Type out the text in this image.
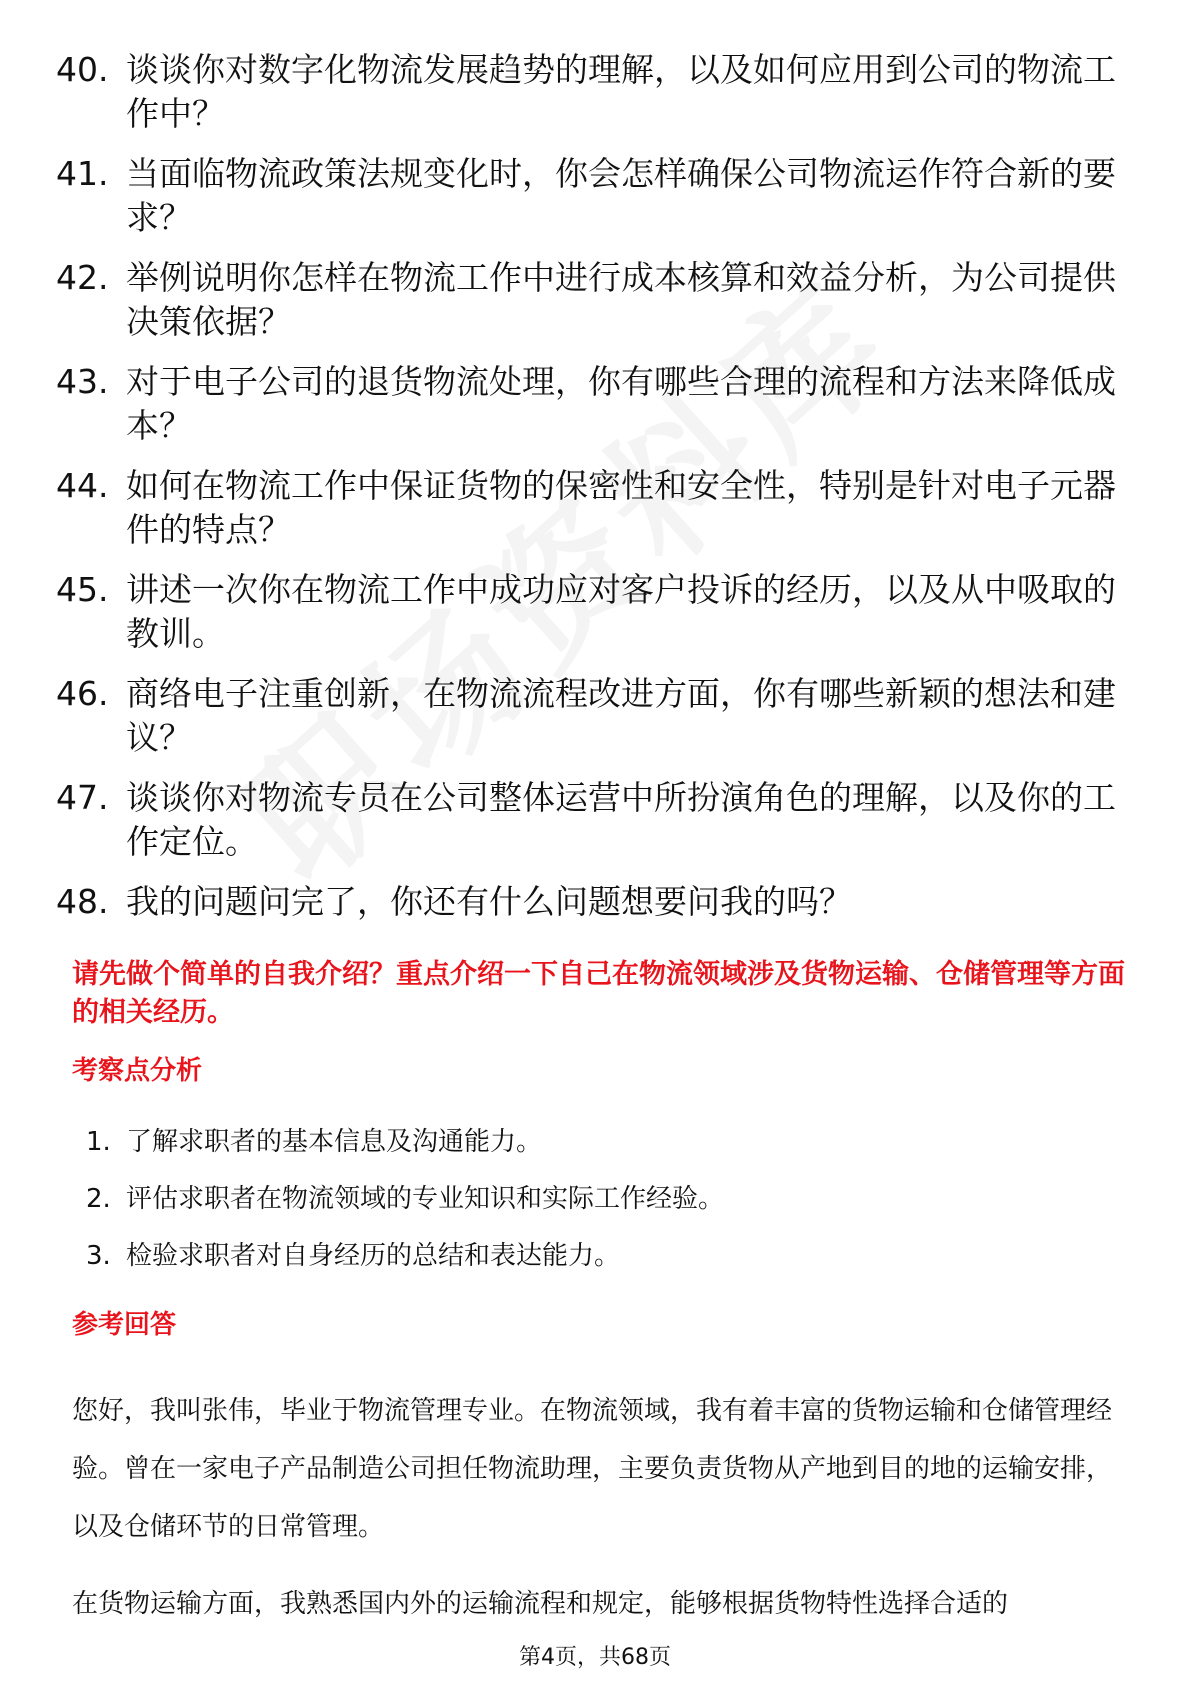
40. 谈谈你对数字化物流发展趋势的理解，以及如何应用到公司的物流工作中？
41. 当面临物流政策法规变化时，你会怎样确保公司物流运作符合新的要求？
42. 举例说明你怎样在物流工作中进行成本核算和效益分析，为公司提供决策依据？
43. 对于电子公司的退货物流处理，你有哪些合理的流程和方法来降低成本？
44. 如何在物流工作中保证货物的保密性和安全性，特别是针对电子元器件的特点？
45. 讲述一次你在物流工作中成功应对客户投诉的经历，以及从中吸取的教训。
46. 商络电子注重创新，在物流流程改进方面，你有哪些新颖的想法和建议？
47. 谈谈你对物流专员在公司整体运营中所扮演角色的理解，以及你的工作定位。
48. 我的问题问完了，你还有什么问题想要问我的吗？
请先做个简单的自我介绍？重点介绍一下自己在物流领域涉及货物运输、仓储管理等方面的相关经历。
考察点分析
1. 了解求职者的基本信息及沟通能力。
2. 评估求职者在物流领域的专业知识和实际工作经验。
3. 检验求职者对自身经历的总结和表达能力。
参考回答
您好，我叫张伟，毕业于物流管理专业。在物流领域，我有着丰富的货物运输和仓储管理经验。曾在一家电子产品制造公司担任物流助理，主要负责货物从产地到目的地的运输安排，以及仓储环节的日常管理。
在货物运输方面，我熟悉国内外的运输流程和规定，能够根据货物特性选择合适的
第4页，共68页
